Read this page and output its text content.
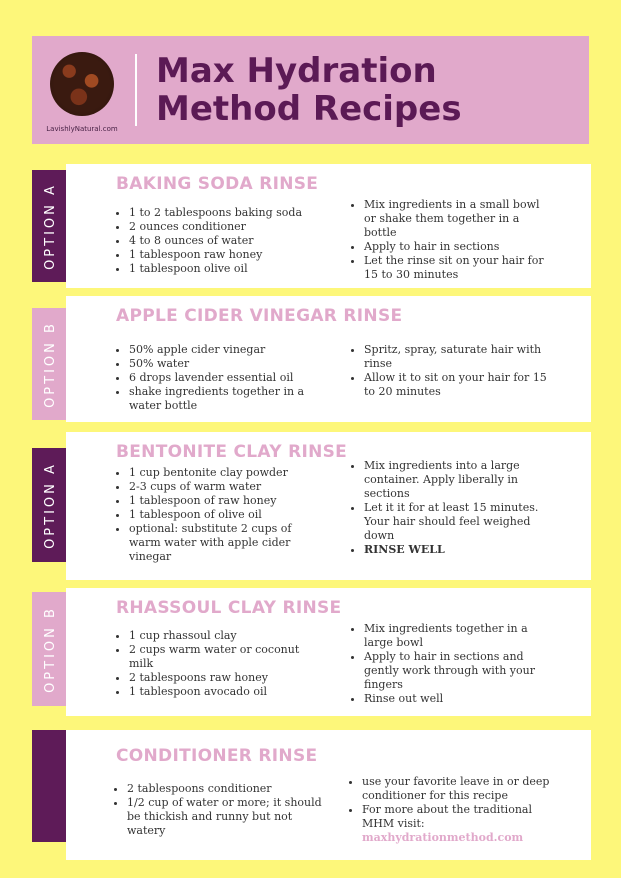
LavishlyNatural.com
Max Hydration
Method Recipes
OPTION A	BAKING SODA RINSE
• 1 to 2 tablespoons baking soda
• 2 ounces conditioner
• 4 to 8 ounces of water
• 1 tablespoon raw honey
• 1 tablespoon olive oil
• Mix ingredients in a small bowl or shake them together in a bottle
• Apply to hair in sections
• Let the rinse sit on your hair for 15 to 30 minutes
OPTION B
APPLE CIDER VINEGAR RINSE
• 50% apple cider vinegar
• 50% water
• 6 drops lavender essential oil
• shake ingredients together in a water bottle
• Spritz, spray, saturate hair with rinse
• Allow it to sit on your hair for 15 to 20 minutes
OPTION A
BENTONITE CLAY RINSE
• 1 cup bentonite clay powder
• 2-3 cups of warm water
• 1 tablespoon of raw honey
• 1 tablespoon of olive oil
• optional: substitute 2 cups of warm water with apple cider vinegar
• Mix ingredients into a large container. Apply liberally in sections
• Let it it for at least 15 minutes. Your hair should feel weighed down
• RINSE WELL
OPTION B	RHASSOUL CLAY RINSE
• 1 cup rhassoul clay
• 2 cups warm water or coconut milk
• 2 tablespoons raw honey
• 1 tablespoon avocado oil
• Mix ingredients together in a large bowl
• Apply to hair in sections and gently work through with your fingers
• Rinse out well
CONDITIONER RINSE
• 2 tablespoons conditioner
• 1/2 cup of water or more; it should be thickish and runny but not watery
• use your favorite leave in or deep conditioner for this recipe
• For more about the traditional MHM visit:
maxhydrationmethod.com
